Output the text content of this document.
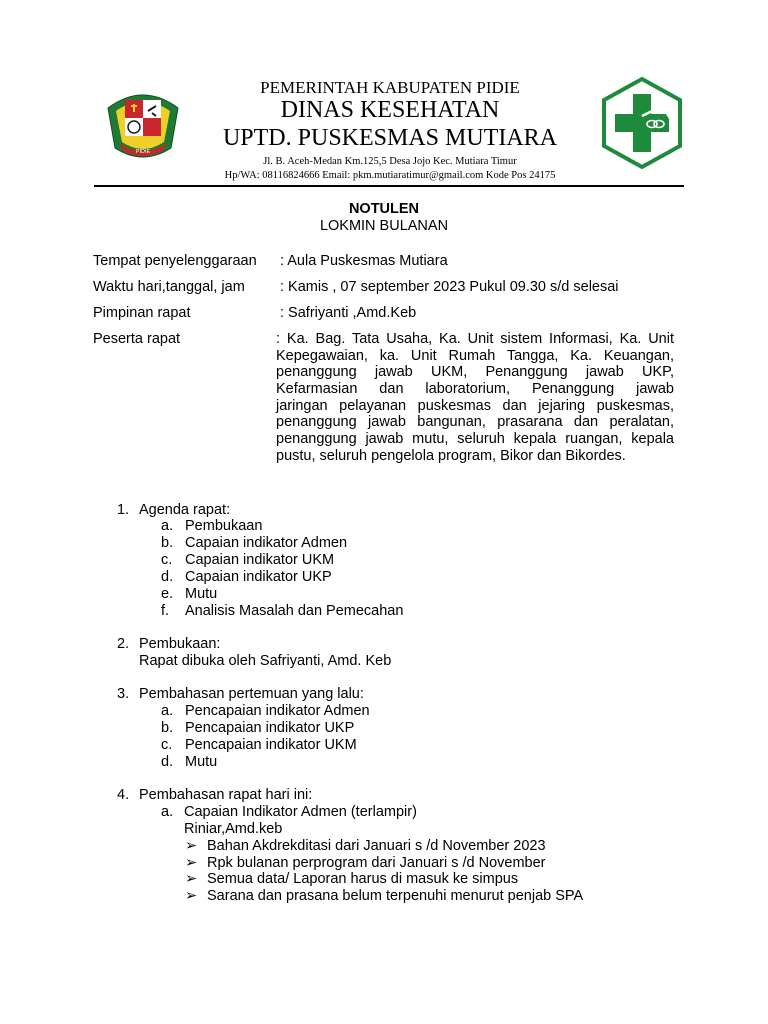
PIDIE
PEMERINTAH KABUPATEN PIDIE
DINAS KESEHATAN
UPTD. PUSKESMAS MUTIARA
Jl. B. Aceh-Medan Km.125,5 Desa Jojo Kec. Mutiara Timur
Hp/WA: 08116824666 Email: pkm.mutiaratimur@gmail.com Kode Pos 24175
NOTULEN
LOKMIN BULANAN
Tempat penyelenggaraan : Aula Puskesmas Mutiara
Waktu hari,tanggal, jam : Kamis , 07 september 2023 Pukul 09.30 s/d selesai
Pimpinan rapat	: Safriyanti ,Amd.Keb
Peserta rapat	: Ka. Bag. Tata Usaha, Ka. Unit sistem Informasi, Ka. Unit
Kepegawaian, ka. Unit Rumah Tangga, Ka. Keuangan,
penanggung jawab UKM, Penanggung jawab UKP,
Kefarmasian dan laboratorium, Penanggung jawab
jaringan pelayanan puskesmas dan jejaring puskesmas,
penanggung jawab bangunan, prasarana dan peralatan,
penanggung jawab mutu, seluruh kepala ruangan, kepala
pustu, seluruh pengelola program, Bikor dan Bikordes.
1. Agenda rapat:
a. Pembukaan
b. Capaian indikator Admen
c. Capaian indikator UKM
d. Capaian indikator UKP
e. Mutu
f. Analisis Masalah dan Pemecahan
2. Pembukaan:
Rapat dibuka oleh Safriyanti, Amd. Keb
3. Pembahasan pertemuan yang lalu:
a. Pencapaian indikator Admen
b. Pencapaian indikator UKP
c. Pencapaian indikator UKM
d. Mutu
4. Pembahasan rapat hari ini:
a. Capaian Indikator Admen (terlampir)
Riniar,Amd.keb
➢ Bahan Akdrekditasi dari Januari s /d November 2023
➢ Rpk bulanan perprogram dari Januari s /d November
➢ Semua data/ Laporan harus di masuk ke simpus
➢ Sarana dan prasana belum terpenuhi menurut penjab SPA
